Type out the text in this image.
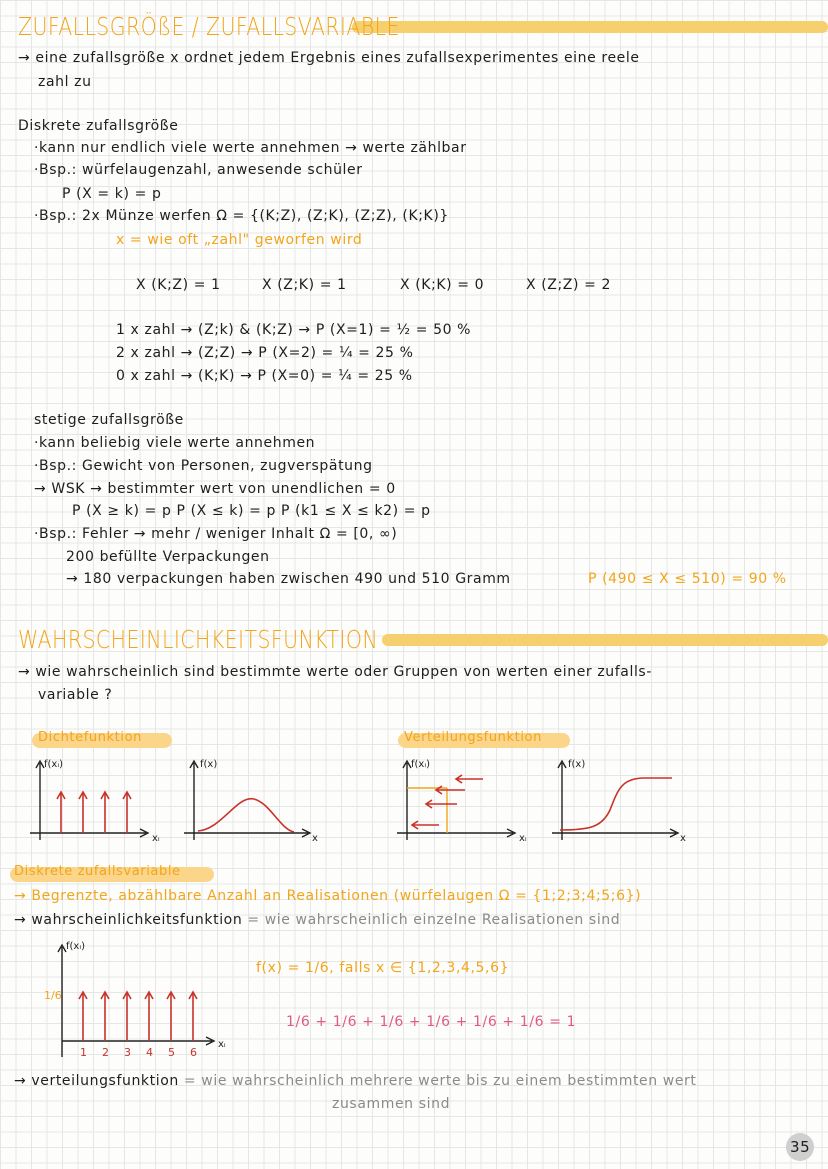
ZUFALLSGRÖßE / ZUFALLSVARIABLE
→ eine zufallsgröße x ordnet jedem Ergebnis eines zufallsexperimentes eine reele
zahl zu
Diskrete zufallsgröße
·kann nur endlich viele werte annehmen → werte zählbar
·Bsp.: würfelaugenzahl, anwesende schüler
P (X = k) = p
·Bsp.: 2x Münze werfen Ω = {(K;Z), (Z;K), (Z;Z), (K;K)}
x = wie oft „zahl" geworfen wird
X (K;Z) = 1	X (Z;K) = 1	X (K;K) = 0	X (Z;Z) = 2
1 x zahl → (Z;k) & (K;Z) → P (X=1) = ½ = 50 %
2 x zahl → (Z;Z) → P (X=2) = ¼ = 25 %
0 x zahl → (K;K) → P (X=0) = ¼ = 25 %
stetige zufallsgröße
·kann beliebig viele werte annehmen
·Bsp.: Gewicht von Personen, zugverspätung
→ WSK → bestimmter wert von unendlichen = 0
P (X ≥ k) = p P (X ≤ k) = p P (k1 ≤ X ≤ k2) = p
·Bsp.: Fehler → mehr / weniger Inhalt Ω = [0, ∞)
200 befüllte Verpackungen
→ 180 verpackungen haben zwischen 490 und 510 Gramm	P (490 ≤ X ≤ 510) = 90 %
WAHRSCHEINLICHKEITSFUNKTION
→ wie wahrscheinlich sind bestimmte werte oder Gruppen von werten einer zufalls-
variable ?
Dichtefunktion	Verteilungsfunktion
f(xᵢ)
xᵢ
f(x)
x
f(xᵢ)
xᵢ
f(x)
x
Diskrete zufallsvariable
→ Begrenzte, abzählbare Anzahl an Realisationen (würfelaugen Ω = {1;2;3;4;5;6})
→ wahrscheinlichkeitsfunktion = wie wahrscheinlich einzelne Realisationen sind
f(xᵢ)
1/6
xᵢ
1 2 3 4 5 6
f(x) = 1/6, falls x ∈ {1,2,3,4,5,6}
1/6 + 1/6 + 1/6 + 1/6 + 1/6 + 1/6 = 1
→ verteilungsfunktion = wie wahrscheinlich mehrere werte bis zu einem bestimmten wert
zusammen sind
35
